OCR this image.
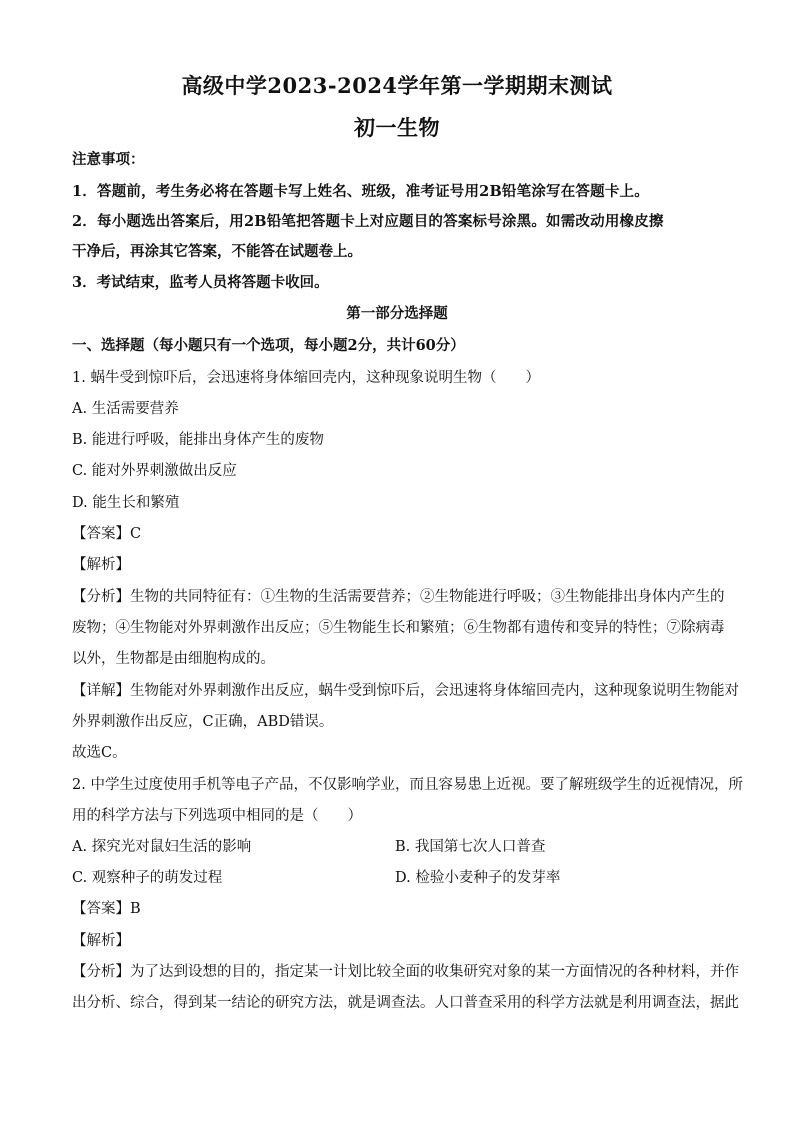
高级中学2023-2024学年第一学期期末测试
初一生物
注意事项：
1．答题前，考生务必将在答题卡写上姓名、班级，准考证号用2B铅笔涂写在答题卡上。
2．每小题选出答案后，用2B铅笔把答题卡上对应题目的答案标号涂黑。如需改动用橡皮擦
干净后，再涂其它答案，不能答在试题卷上。
3．考试结束，监考人员将答题卡收回。
第一部分选择题
一、选择题（每小题只有一个选项，每小题2分，共计60分）
1. 蜗牛受到惊吓后，会迅速将身体缩回壳内，这种现象说明生物（　　）
A. 生活需要营养
B. 能进行呼吸，能排出身体产生的废物
C. 能对外界刺激做出反应
D. 能生长和繁殖
【答案】C
【解析】
【分析】生物的共同特征有：①生物的生活需要营养；②生物能进行呼吸；③生物能排出身体内产生的
废物；④生物能对外界刺激作出反应；⑤生物能生长和繁殖；⑥生物都有遗传和变异的特性；⑦除病毒
以外，生物都是由细胞构成的。
【详解】生物能对外界刺激作出反应，蜗牛受到惊吓后，会迅速将身体缩回壳内，这种现象说明生物能对
外界刺激作出反应，C正确，ABD错误。
故选C。
2. 中学生过度使用手机等电子产品，不仅影响学业，而且容易患上近视。要了解班级学生的近视情况，所
用的科学方法与下列选项中相同的是（　　）
A. 探究光对鼠妇生活的影响	B. 我国第七次人口普查
C. 观察种子的萌发过程	D. 检验小麦种子的发芽率
【答案】B
【解析】
【分析】为了达到设想的目的，指定某一计划比较全面的收集研究对象的某一方面情况的各种材料，并作
出分析、综合，得到某一结论的研究方法，就是调查法。人口普查采用的科学方法就是利用调查法，据此
